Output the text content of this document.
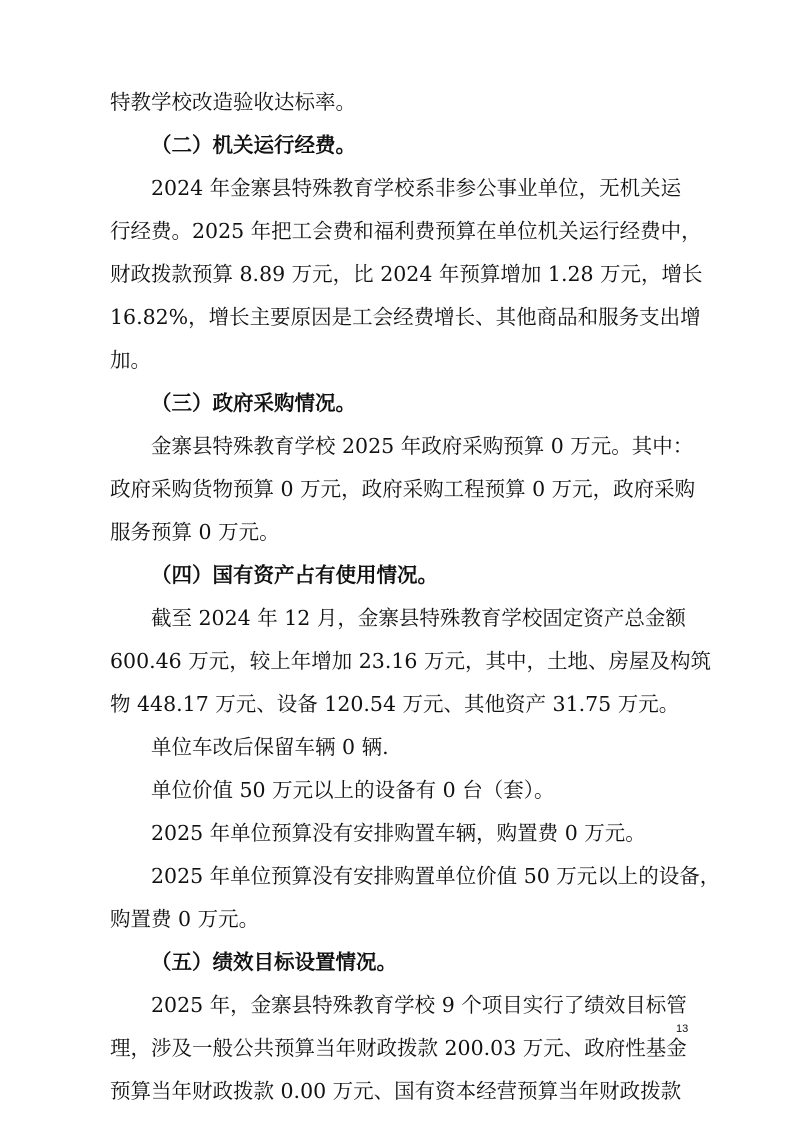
特教学校改造验收达标率。
（二）机关运行经费。
2024 年金寨县特殊教育学校系非参公事业单位，无机关运
行经费。2025 年把工会费和福利费预算在单位机关运行经费中，
财政拨款预算 8.89 万元，比 2024 年预算增加 1.28 万元，增长
16.82%，增长主要原因是工会经费增长、其他商品和服务支出增
加。
（三）政府采购情况。
金寨县特殊教育学校 2025 年政府采购预算 0 万元。其中：
政府采购货物预算 0 万元，政府采购工程预算 0 万元，政府采购
服务预算 0 万元。
（四）国有资产占有使用情况。
截至 2024 年 12 月，金寨县特殊教育学校固定资产总金额
600.46 万元，较上年增加 23.16 万元，其中，土地、房屋及构筑
物 448.17 万元、设备 120.54 万元、其他资产 31.75 万元。
单位车改后保留车辆 0 辆.
单位价值 50 万元以上的设备有 0 台（套）。
2025 年单位预算没有安排购置车辆，购置费 0 万元。
2025 年单位预算没有安排购置单位价值 50 万元以上的设备，
购置费 0 万元。
（五）绩效目标设置情况。
2025 年，金寨县特殊教育学校 9 个项目实行了绩效目标管
理，涉及一般公共预算当年财政拨款 200.03 万元、政府性基金
预算当年财政拨款 0.00 万元、国有资本经营预算当年财政拨款
13
